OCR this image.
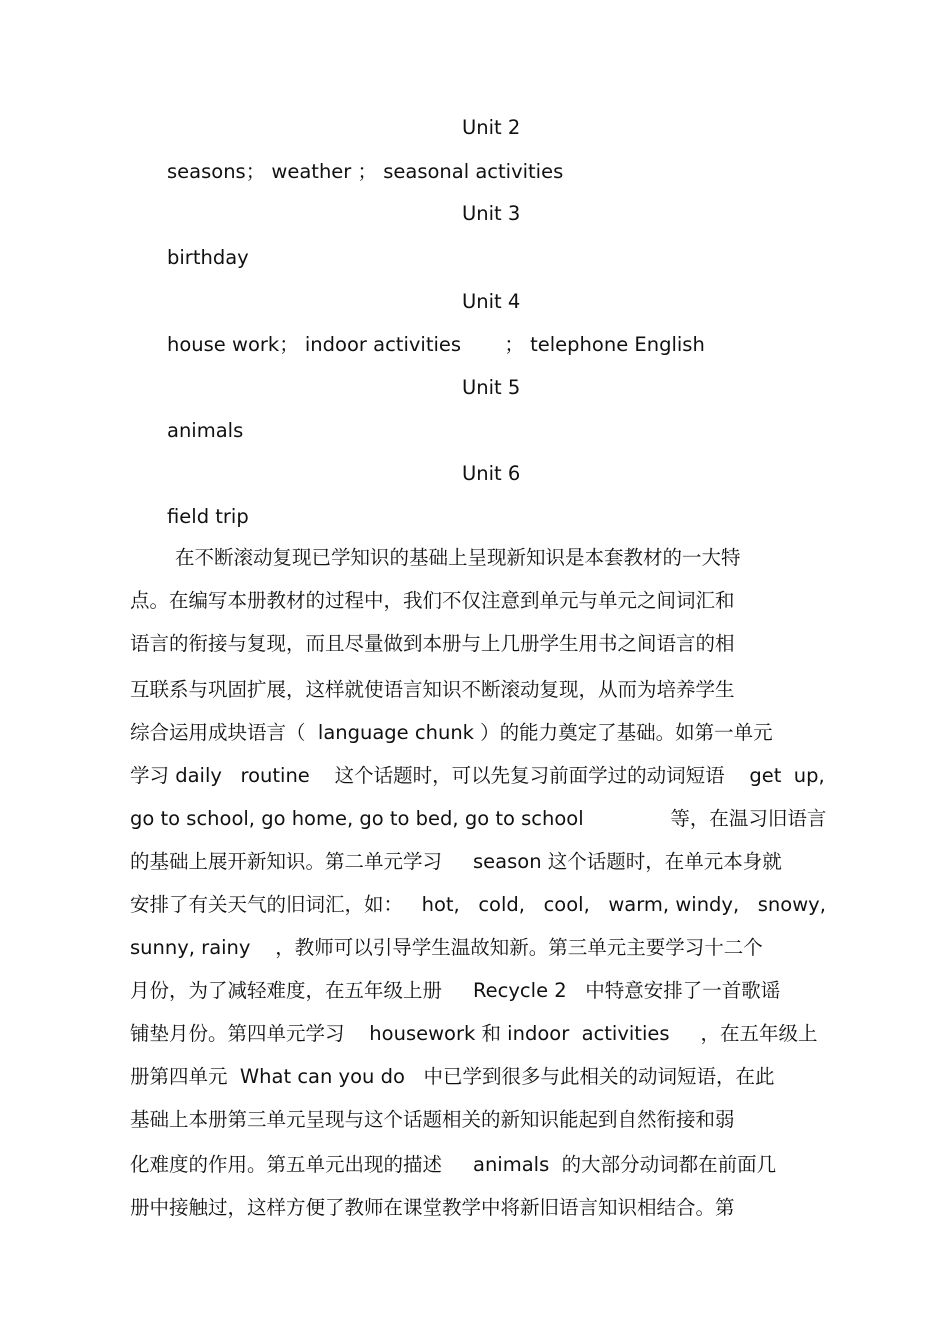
Unit 2
seasons； weather ； seasonal activities
Unit 3
birthday
Unit 4
house work； indoor activities       ； telephone English
Unit 5
animals
Unit 6
field trip
在不断滚动复现已学知识的基础上呈现新知识是本套教材的一大特
点。在编写本册教材的过程中，我们不仅注意到单元与单元之间词汇和
语言的衔接与复现，而且尽量做到本册与上几册学生用书之间语言的相
互联系与巩固扩展，这样就使语言知识不断滚动复现，从而为培养学生
综合运用成块语言（  language chunk ）的能力奠定了基础。如第一单元
学习 daily   routine    这个话题时，可以先复习前面学过的动词短语    get  up,
go to school, go home, go to bed, go to school              等，在温习旧语言
的基础上展开新知识。第二单元学习     season 这个话题时，在单元本身就
安排了有关天气的旧词汇，如：   hot,   cold,   cool,   warm, windy,   snowy,
sunny, rainy    ，教师可以引导学生温故知新。第三单元主要学习十二个
月份，为了减轻难度，在五年级上册     Recycle 2   中特意安排了一首歌谣
铺垫月份。第四单元学习    housework 和 indoor  activities     ，在五年级上
册第四单元  What can you do   中已学到很多与此相关的动词短语，在此
基础上本册第三单元呈现与这个话题相关的新知识能起到自然衔接和弱
化难度的作用。第五单元出现的描述     animals  的大部分动词都在前面几
册中接触过，这样方便了教师在课堂教学中将新旧语言知识相结合。第
